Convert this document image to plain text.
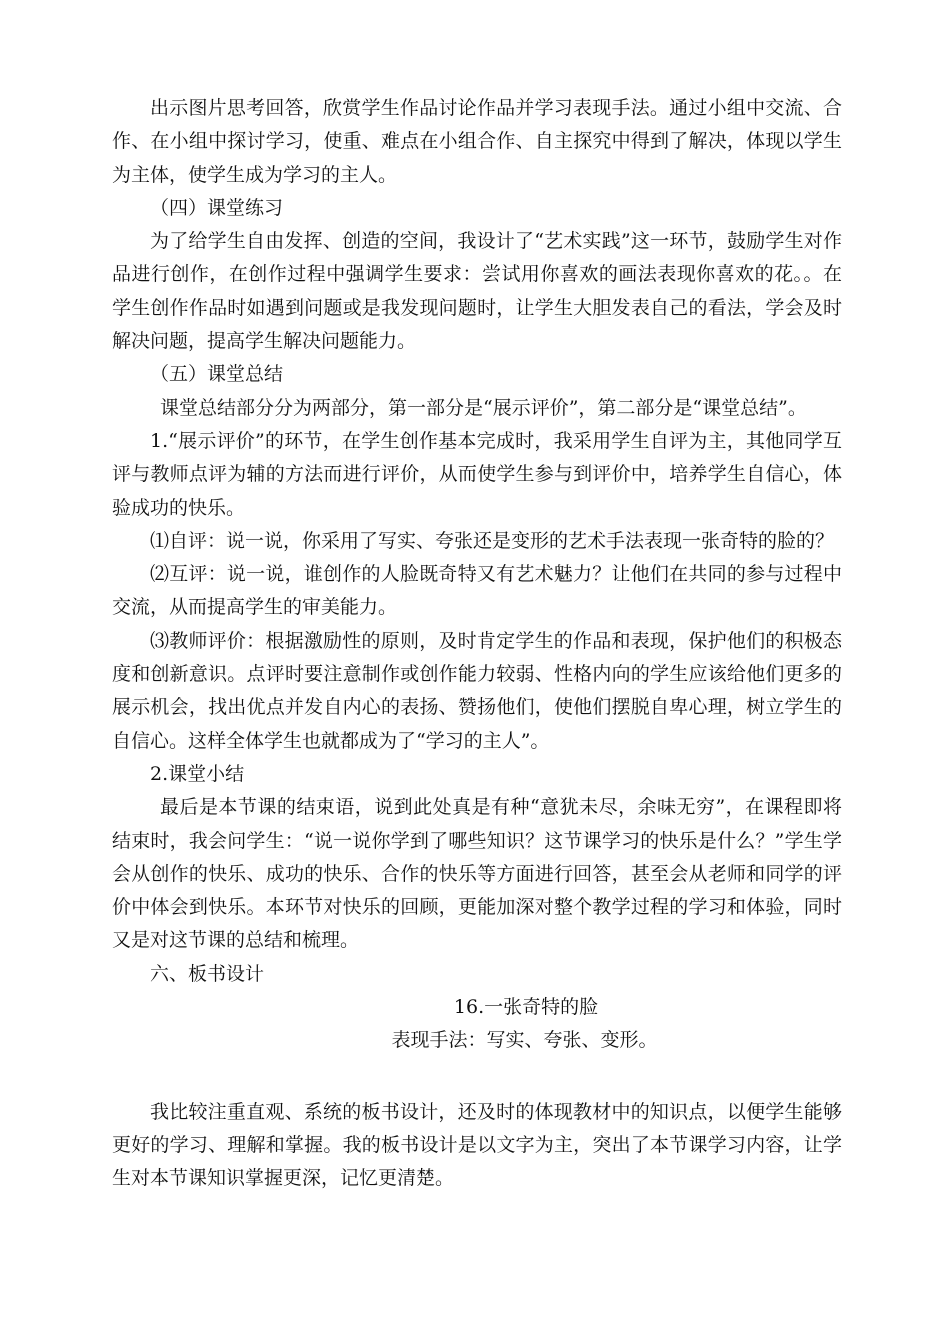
出示图片思考回答，欣赏学生作品讨论作品并学习表现手法。通过小组中交流、合作、在小组中探讨学习，使重、难点在小组合作、自主探究中得到了解决，体现以学生为主体，使学生成为学习的主人。

（四）课堂练习

为了给学生自由发挥、创造的空间，我设计了“艺术实践”这一环节，鼓励学生对作品进行创作，在创作过程中强调学生要求：尝试用你喜欢的画法表现你喜欢的花。。在学生创作作品时如遇到问题或是我发现问题时，让学生大胆发表自己的看法，学会及时解决问题，提高学生解决问题能力。

（五）课堂总结

课堂总结部分分为两部分，第一部分是“展示评价”，第二部分是“课堂总结”。

1.“展示评价”的环节，在学生创作基本完成时，我采用学生自评为主，其他同学互评与教师点评为辅的方法而进行评价，从而使学生参与到评价中，培养学生自信心，体验成功的快乐。

⑴自评：说一说，你采用了写实、夸张还是变形的艺术手法表现一张奇特的脸的？

⑵互评：说一说，谁创作的人脸既奇特又有艺术魅力？让他们在共同的参与过程中交流，从而提高学生的审美能力。

⑶教师评价：根据激励性的原则，及时肯定学生的作品和表现，保护他们的积极态度和创新意识。点评时要注意制作或创作能力较弱、性格内向的学生应该给他们更多的展示机会，找出优点并发自内心的表扬、赞扬他们，使他们摆脱自卑心理，树立学生的自信心。这样全体学生也就都成为了“学习的主人”。

2.课堂小结

最后是本节课的结束语，说到此处真是有种“意犹未尽，余味无穷”，在课程即将结束时，我会问学生：“说一说你学到了哪些知识？这节课学习的快乐是什么？”学生学会从创作的快乐、成功的快乐、合作的快乐等方面进行回答，甚至会从老师和同学的评价中体会到快乐。本环节对快乐的回顾，更能加深对整个教学过程的学习和体验，同时又是对这节课的总结和梳理。

六、板书设计

16.一张奇特的脸

表现手法：写实、夸张、变形。

我比较注重直观、系统的板书设计，还及时的体现教材中的知识点，以便学生能够更好的学习、理解和掌握。我的板书设计是以文字为主，突出了本节课学习内容，让学生对本节课知识掌握更深，记忆更清楚。
